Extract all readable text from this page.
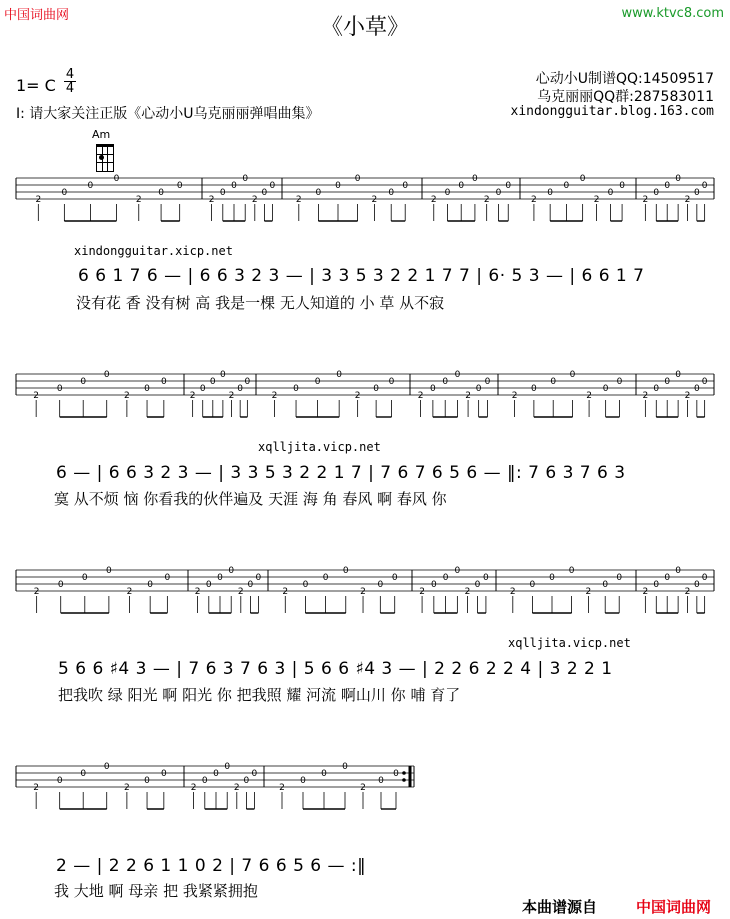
中国词曲网	www.ktvc8.com
《小草》
1= C
4
4
I: 请大家关注正版《心动小U乌克丽丽弹唱曲集》
心动小U制谱QQ:14509517
乌克丽丽QQ群:287583011
xindongguitar.blog.163.com
Am
2
0
0
0
2
0
0
2
0
0
0
2
0
0
2
0
0
0
2
0
0
2
0
0
0
2
0
0
2
0
0
0
2
0
0
2
0
0
0
2
0
0
2
0
0
0
2
0
0
2
0
0
0
2
0
0
2
0
0
0
2
0
0
2
0
0
0
2
0
0
2
0
0
0
2
0
0
2
0
0
0
2
0
0
2
0
0
0
2
0
0
2
0
0
0
2
0
0
2
0
0
0
2
0
0
2
0
0
0
2
0
0
2
0
0
0
2
0
0
2
0
0
0
2
0
0
2
0
0
0
2
0
0
2
0
0
0
2
0
0
2
0
0
0
2
0
0
xindongguitar.xicp.net
6 6 1 7 6 — | 6 6 3 2 3 — | 3 3 5 3 2 2 1 7 7 | 6· 5 3 — | 6 6 1 7
没有花 香 没有树 高 我是一棵 无人知道的 小 草 从不寂
xqlljita.vicp.net
6 — | 6 6 3 2 3 — | 3 3 5 3 2 2 1 7 | 7 6 7 6 5 6 — ‖: 7 6 3 7 6 3
寞 从不烦 恼 你看我的伙伴遍及 天涯 海 角 春风 啊 春风 你
xqlljita.vicp.net
5 6 6 ♯4 3 — | 7 6 3 7 6 3 | 5 6 6 ♯4 3 — | 2 2 6 2 2 4 | 3 2 2 1
把我吹 绿 阳光 啊 阳光 你 把我照 耀 河流 啊山川 你 哺 育了
2 — | 2 2 6 1 1 0 2 | 7 6 6 5 6 — :‖
我 大地 啊 母亲 把 我紧紧拥抱
本曲谱源自	中国词曲网
